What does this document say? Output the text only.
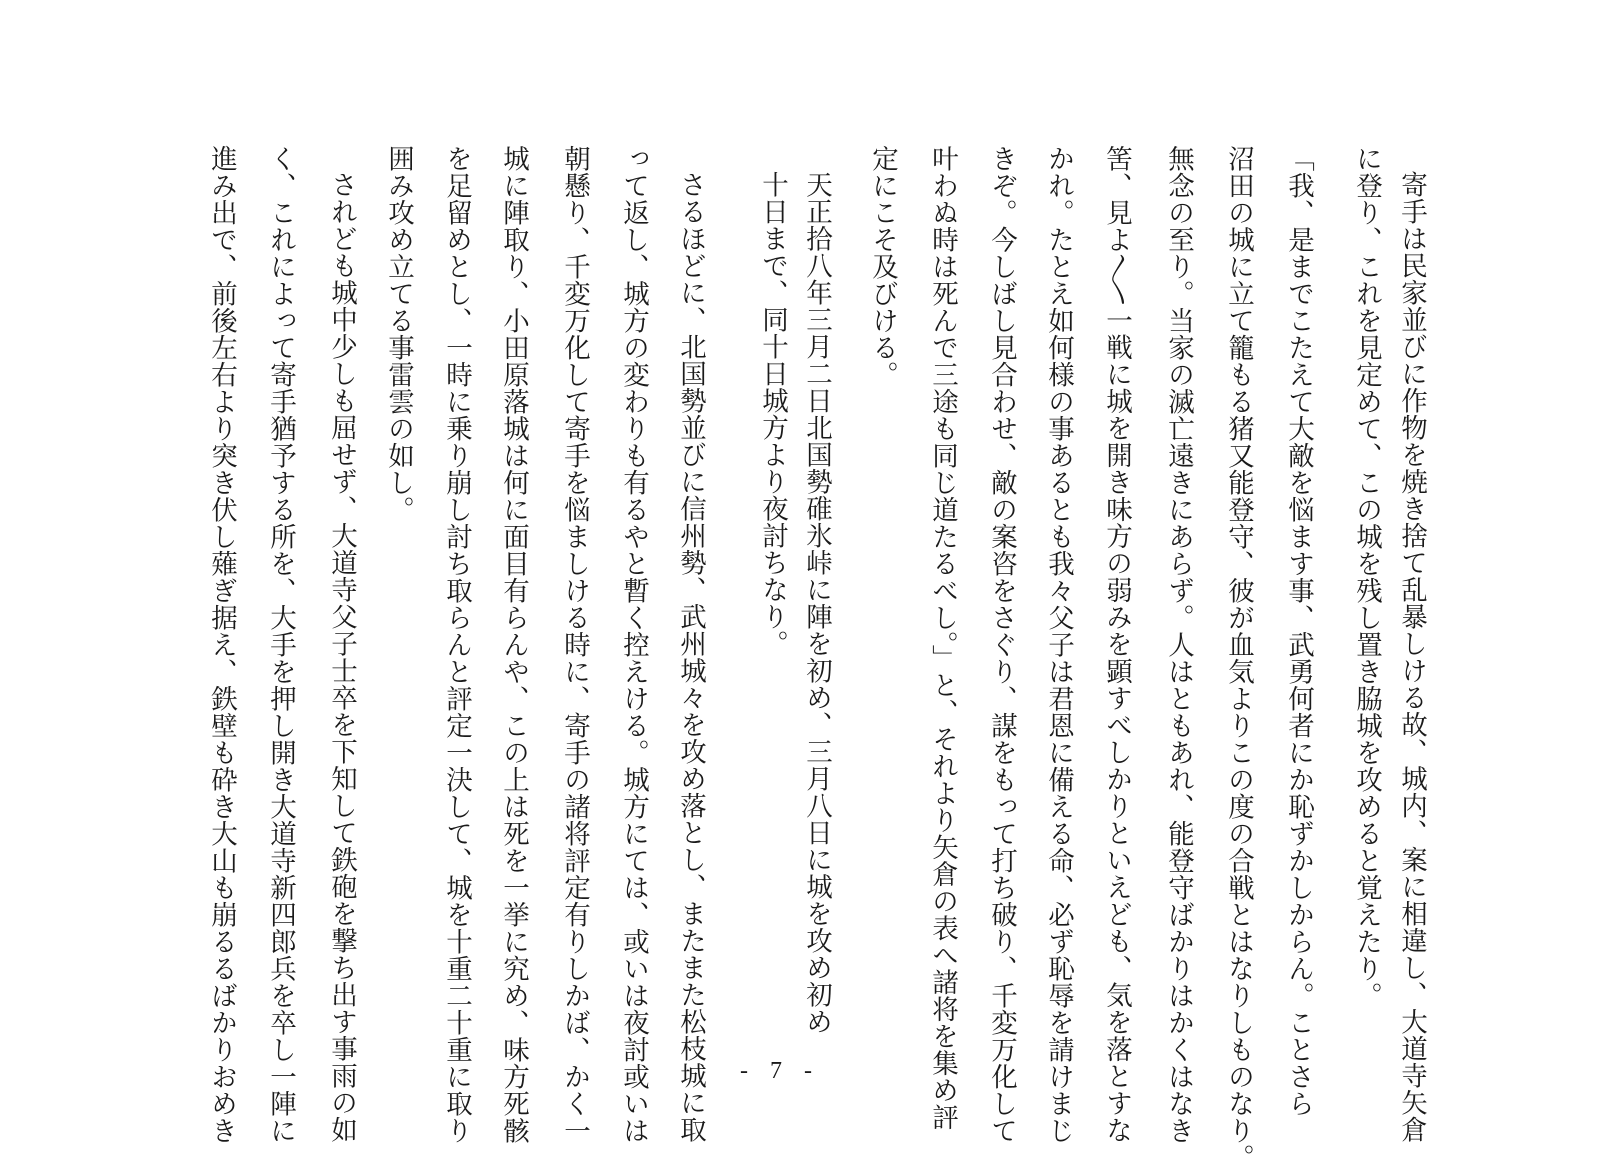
寄手は民家並びに作物を焼き捨て乱暴しける故、城内、案に相違し、大道寺矢倉
に登り、これを見定めて、この城を残し置き脇城を攻めると覚えたり。
「我、是までこたえて大敵を悩ます事、武勇何者にか恥ずかしからん。ことさら
沼田の城に立て籠もる猪又能登守、彼が血気よりこの度の合戦とはなりしものなり。
無念の至り。当家の滅亡遠きにあらず。人はともあれ、能登守ばかりはかくはなき
筈、見よ〱一戦に城を開き味方の弱みを顕すべしかりといえども、気を落とすな
かれ。たとえ如何様の事あるとも我々父子は君恩に備える命、必ず恥辱を請けまじ
きぞ。今しばし見合わせ、敵の案咨をさぐり、謀をもって打ち破り、千変万化して
叶わぬ時は死んで三途も同じ道たるべし。」と、それより矢倉の表へ諸将を集め評
定にこそ及びける。
天正拾八年三月二日北国勢碓氷峠に陣を初め、三月八日に城を攻め初め
十日まで、同十日城方より夜討ちなり。
さるほどに、北国勢並びに信州勢、武州城々を攻め落とし、またまた松枝城に取
って返し、城方の変わりも有るやと暫く控えける。城方にては、或いは夜討或いは
朝懸り、千変万化して寄手を悩ましける時に、寄手の諸将評定有りしかば、かく一
城に陣取り、小田原落城は何に面目有らんや、この上は死を一挙に究め、味方死骸
を足留めとし、一時に乗り崩し討ち取らんと評定一決して、城を十重二十重に取り
囲み攻め立てる事雷雲の如し。
されども城中少しも屈せず、大道寺父子士卒を下知して鉄砲を撃ち出す事雨の如
く、これによって寄手猶予する所を、大手を押し開き大道寺新四郎兵を卒し一陣に
進み出で、前後左右より突き伏し薙ぎ据え、鉄壁も砕き大山も崩るるばかりおめき	- 7 -
